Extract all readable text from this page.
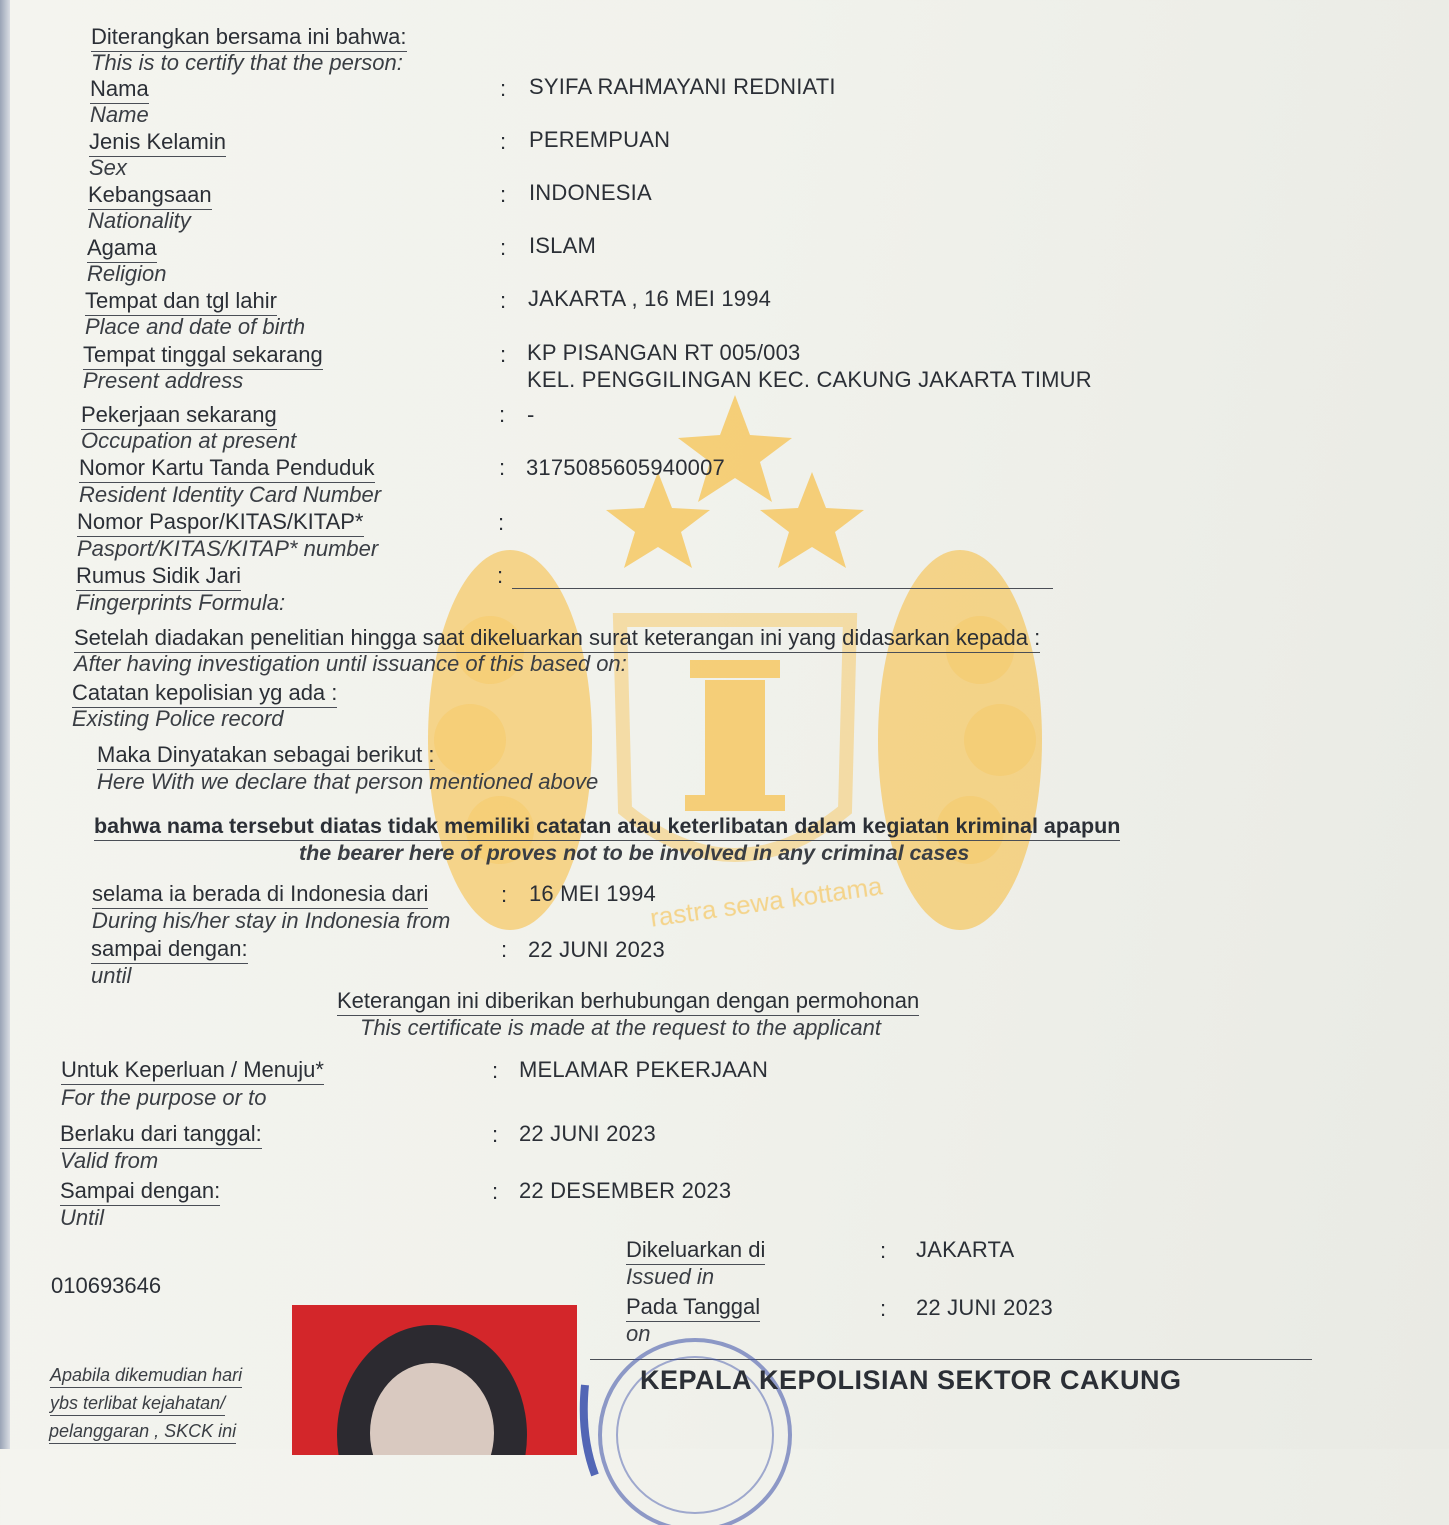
rastra sewa kottama
Diterangkan bersama ini bahwa:
This is to certify that the person:
Nama
Name
: SYIFA RAHMAYANI REDNIATI
Jenis Kelamin
Sex
: PEREMPUAN
Kebangsaan
Nationality
: INDONESIA
Agama
Religion
: ISLAM
Tempat dan tgl lahir
Place and date of birth
: JAKARTA , 16 MEI 1994
Tempat tinggal sekarang
Present address
: KP PISANGAN RT 005/003
KEL. PENGGILINGAN KEC. CAKUNG JAKARTA TIMUR
Pekerjaan sekarang
Occupation at present
: -
Nomor Kartu Tanda Penduduk
Resident Identity Card Number
: 3175085605940007
Nomor Paspor/KITAS/KITAP*
Pasport/KITAS/KITAP* number
:
Rumus Sidik Jari
Fingerprints Formula:
:
Setelah diadakan penelitian hingga saat dikeluarkan surat keterangan ini yang didasarkan kepada :
After having investigation until issuance of this based on:
Catatan kepolisian yg ada :
Existing Police record
Maka Dinyatakan sebagai berikut :
Here With we declare that person mentioned above
bahwa nama tersebut diatas tidak memiliki catatan atau keterlibatan dalam kegiatan kriminal apapun
the bearer here of proves not to be involved in any criminal cases
selama ia berada di Indonesia dari
During his/her stay in Indonesia from
: 16 MEI 1994
sampai dengan:
until
: 22 JUNI 2023
Keterangan ini diberikan berhubungan dengan permohonan
This certificate is made at the request to the applicant
Untuk Keperluan / Menuju*
For the purpose or to
: MELAMAR PEKERJAAN
Berlaku dari tanggal:
Valid from
: 22 JUNI 2023
Sampai dengan:
Until
: 22 DESEMBER 2023
010693646
Dikeluarkan di
Issued in
: JAKARTA
Pada Tanggal
on
: 22 JUNI 2023
KEPALA KEPOLISIAN SEKTOR CAKUNG
Apabila dikemudian hari
ybs terlibat kejahatan/
pelanggaran , SKCK ini
